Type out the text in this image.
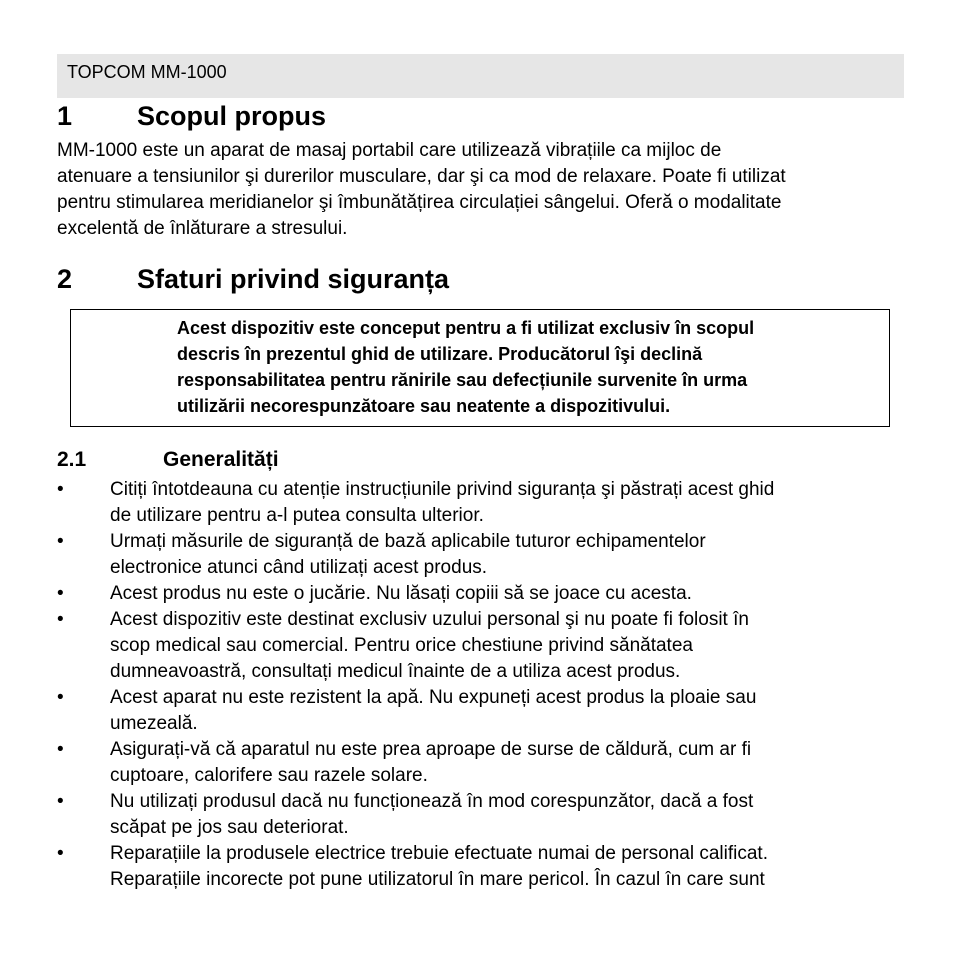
TOPCOM MM-1000
1 Scopul propus
MM-1000 este un aparat de masaj portabil care utilizează vibrațiile ca mijloc de
atenuare a tensiunilor şi durerilor musculare, dar şi ca mod de relaxare. Poate fi utilizat
pentru stimularea meridianelor şi îmbunătățirea circulației sângelui. Oferă o modalitate
excelentă de înlăturare a stresului.
2 Sfaturi privind siguranța
Acest dispozitiv este conceput pentru a fi utilizat exclusiv în scopul
descris în prezentul ghid de utilizare. Producătorul îşi declină
responsabilitatea pentru rănirile sau defecțiunile survenite în urma
utilizării necorespunzătoare sau neatente a dispozitivului.
2.1	Generalități
• Citiți întotdeauna cu atenție instrucțiunile privind siguranța şi păstrați acest ghid
de utilizare pentru a-l putea consulta ulterior.
• Urmați măsurile de siguranță de bază aplicabile tuturor echipamentelor
electronice atunci când utilizați acest produs.
• Acest produs nu este o jucărie. Nu lăsați copiii să se joace cu acesta.
• Acest dispozitiv este destinat exclusiv uzului personal şi nu poate fi folosit în
scop medical sau comercial. Pentru orice chestiune privind sănătatea
dumneavoastră, consultați medicul înainte de a utiliza acest produs.
• Acest aparat nu este rezistent la apă. Nu expuneți acest produs la ploaie sau
umezeală.
• Asigurați-vă că aparatul nu este prea aproape de surse de căldură, cum ar fi
cuptoare, calorifere sau razele solare.
• Nu utilizați produsul dacă nu funcționează în mod corespunzător, dacă a fost
scăpat pe jos sau deteriorat.
• Reparațiile la produsele electrice trebuie efectuate numai de personal calificat.
Reparațiile incorecte pot pune utilizatorul în mare pericol. În cazul în care sunt
